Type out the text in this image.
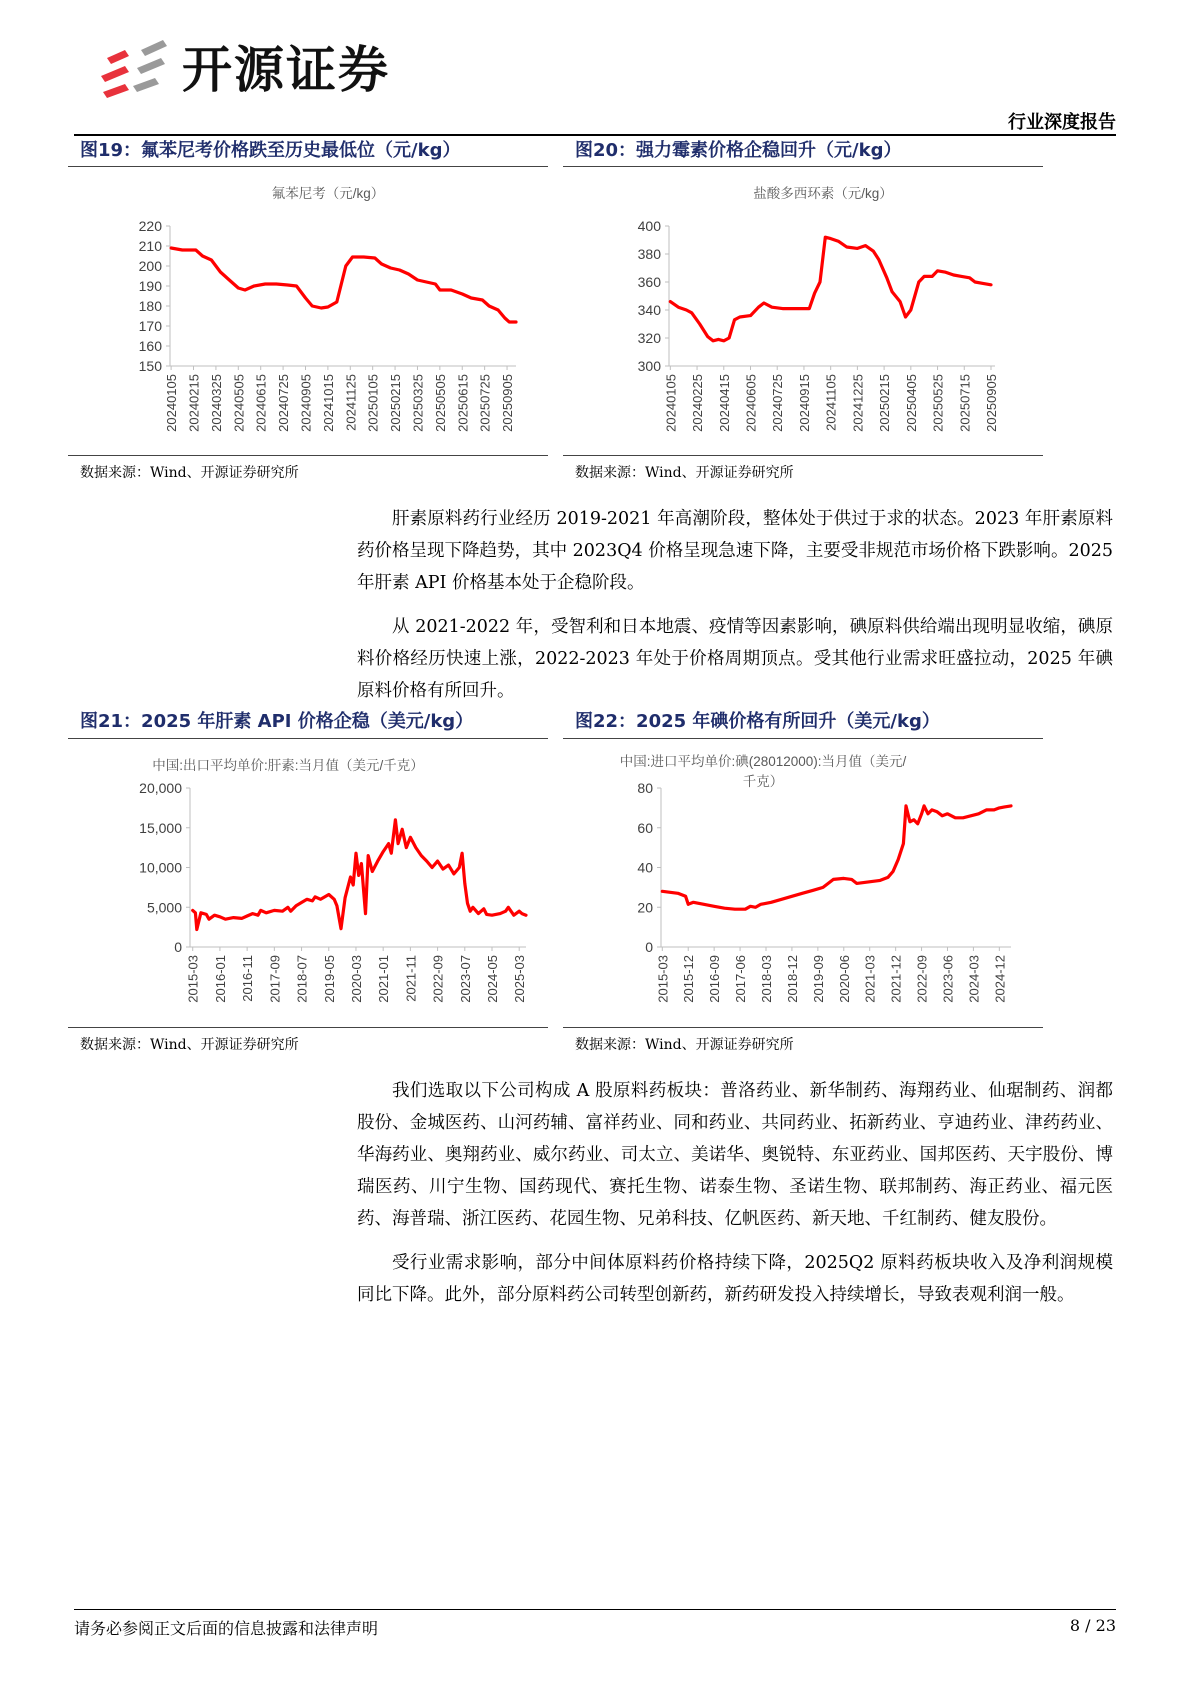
开源证券
行业深度报告
图19：氟苯尼考价格跌至历史最低位（元/kg）
氟苯尼考（元/kg）
150
160
170
180
190
200
210
220
20240105 20240215 20240325 20240505 20240615 20240725 20240905 20241015 20241125 20250105 20250215 20250325 20250505 20250615 20250725 20250905
数据来源：Wind、开源证券研究所
图20：强力霉素价格企稳回升（元/kg）
盐酸多西环素（元/kg）
300
320
340
360
380
400
20240105 20240225 20240415 20240605 20240725 20240915 20241105 20241225 20250215 20250405 20250525 20250715 20250905
数据来源：Wind、开源证券研究所

肝素原料药行业经历 2019-2021 年高潮阶段，整体处于供过于求的状态。2023 年肝素原料药价格呈现下降趋势，其中 2023Q4 价格呈现急速下降，主要受非规范市场价格下跌影响。2025 年肝素 API 价格基本处于企稳阶段。

从 2021-2022 年，受智利和日本地震、疫情等因素影响，碘原料供给端出现明显收缩，碘原料价格经历快速上涨，2022-2023 年处于价格周期顶点。受其他行业需求旺盛拉动，2025 年碘原料价格有所回升。

图21：2025 年肝素 API 价格企稳（美元/kg）
中国:出口平均单价:肝素:当月值（美元/千克）
0
5,000
10,000
15,000
20,000
2015-03 2016-01 2016-11 2017-09 2018-07 2019-05 2020-03 2021-01 2021-11 2022-09 2023-07 2024-05 2025-03
数据来源：Wind、开源证券研究所
图22：2025 年碘价格有所回升（美元/kg）
中国:进口平均单价:碘(28012000):当月值（美元/千克）
0
20
40
60
80
2015-03 2015-12 2016-09 2017-06 2018-03 2018-12 2019-09 2020-06 2021-03 2021-12 2022-09 2023-06 2024-03 2024-12
数据来源：Wind、开源证券研究所

我们选取以下公司构成 A 股原料药板块：普洛药业、新华制药、海翔药业、仙琚制药、润都股份、金城医药、山河药辅、富祥药业、同和药业、共同药业、拓新药业、亨迪药业、津药药业、华海药业、奥翔药业、威尔药业、司太立、美诺华、奥锐特、东亚药业、国邦医药、天宇股份、博瑞医药、川宁生物、国药现代、赛托生物、诺泰生物、圣诺生物、联邦制药、海正药业、福元医药、海普瑞、浙江医药、花园生物、兄弟科技、亿帆医药、新天地、千红制药、健友股份。

受行业需求影响，部分中间体原料药价格持续下降，2025Q2 原料药板块收入及净利润规模同比下降。此外，部分原料药公司转型创新药，新药研发投入持续增长，导致表观利润一般。

请务必参阅正文后面的信息披露和法律声明	8 / 23
